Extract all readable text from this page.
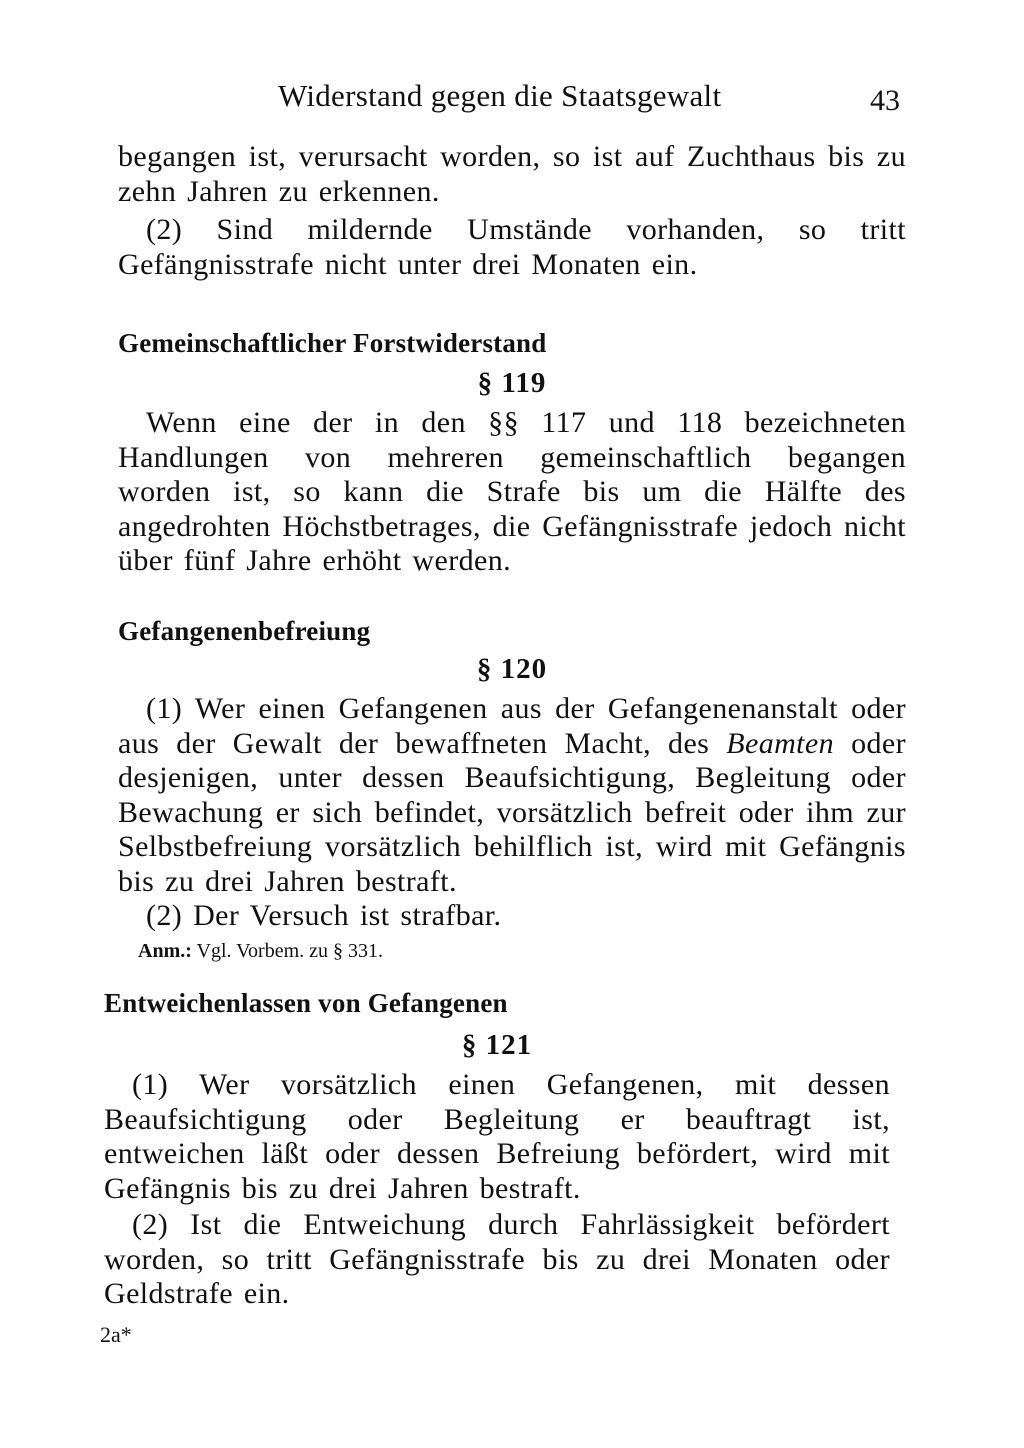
Widerstand gegen die Staatsgewalt	43

begangen ist, verursacht worden, so ist auf Zuchthaus bis zu zehn Jahren zu erkennen.

(2) Sind mildernde Umstände vorhanden, so tritt Gefängnisstrafe nicht unter drei Monaten ein.

Gemeinschaftlicher Forstwiderstand

§ 119

Wenn eine der in den §§ 117 und 118 bezeichneten Handlungen von mehreren gemeinschaftlich begangen worden ist, so kann die Strafe bis um die Hälfte des angedrohten Höchstbetrages, die Gefängnisstrafe jedoch nicht über fünf Jahre erhöht werden.

Gefangenenbefreiung

§ 120

(1) Wer einen Gefangenen aus der Gefangenenanstalt oder aus der Gewalt der bewaffneten Macht, des Beamten oder desjenigen, unter dessen Beaufsichtigung, Begleitung oder Bewachung er sich befindet, vorsätzlich befreit oder ihm zur Selbstbefreiung vorsätzlich behilflich ist, wird mit Gefängnis bis zu drei Jahren bestraft.

(2) Der Versuch ist strafbar.

Anm.: Vgl. Vorbem. zu § 331.

Entweichenlassen von Gefangenen

§ 121

(1) Wer vorsätzlich einen Gefangenen, mit dessen Beaufsichtigung oder Begleitung er beauftragt ist, entweichen läßt oder dessen Befreiung befördert, wird mit Gefängnis bis zu drei Jahren bestraft.

(2) Ist die Entweichung durch Fahrlässigkeit befördert worden, so tritt Gefängnisstrafe bis zu drei Monaten oder Geldstrafe ein.

2a*
